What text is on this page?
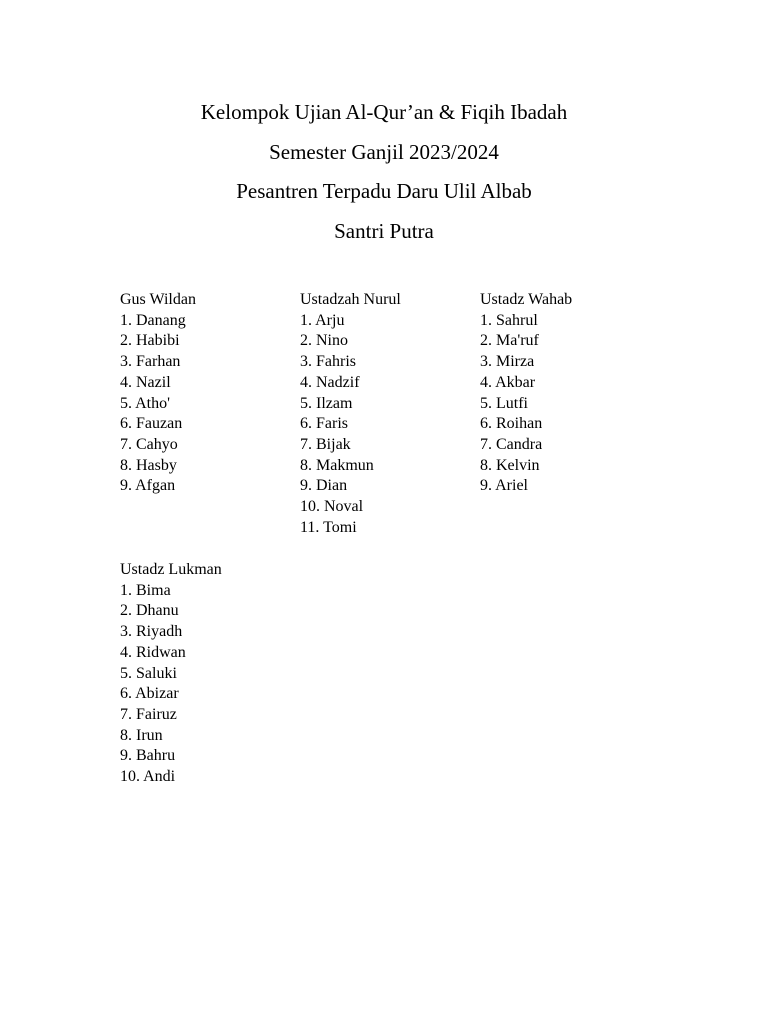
Kelompok Ujian Al-Qur’an & Fiqih Ibadah
Semester Ganjil 2023/2024
Pesantren Terpadu Daru Ulil Albab
Santri Putra
Gus Wildan
1. Danang
2. Habibi
3. Farhan
4. Nazil
5. Atho'
6. Fauzan
7. Cahyo
8. Hasby
9. Afgan
Ustadzah Nurul
1. Arju
2. Nino
3. Fahris
4. Nadzif
5. Ilzam
6. Faris
7. Bijak
8. Makmun
9. Dian
10. Noval
11. Tomi
Ustadz Wahab
1. Sahrul
2. Ma'ruf
3. Mirza
4. Akbar
5. Lutfi
6. Roihan
7. Candra
8. Kelvin
9. Ariel
Ustadz Lukman
1. Bima
2. Dhanu
3. Riyadh
4. Ridwan
5. Saluki
6. Abizar
7. Fairuz
8. Irun
9. Bahru
10. Andi
